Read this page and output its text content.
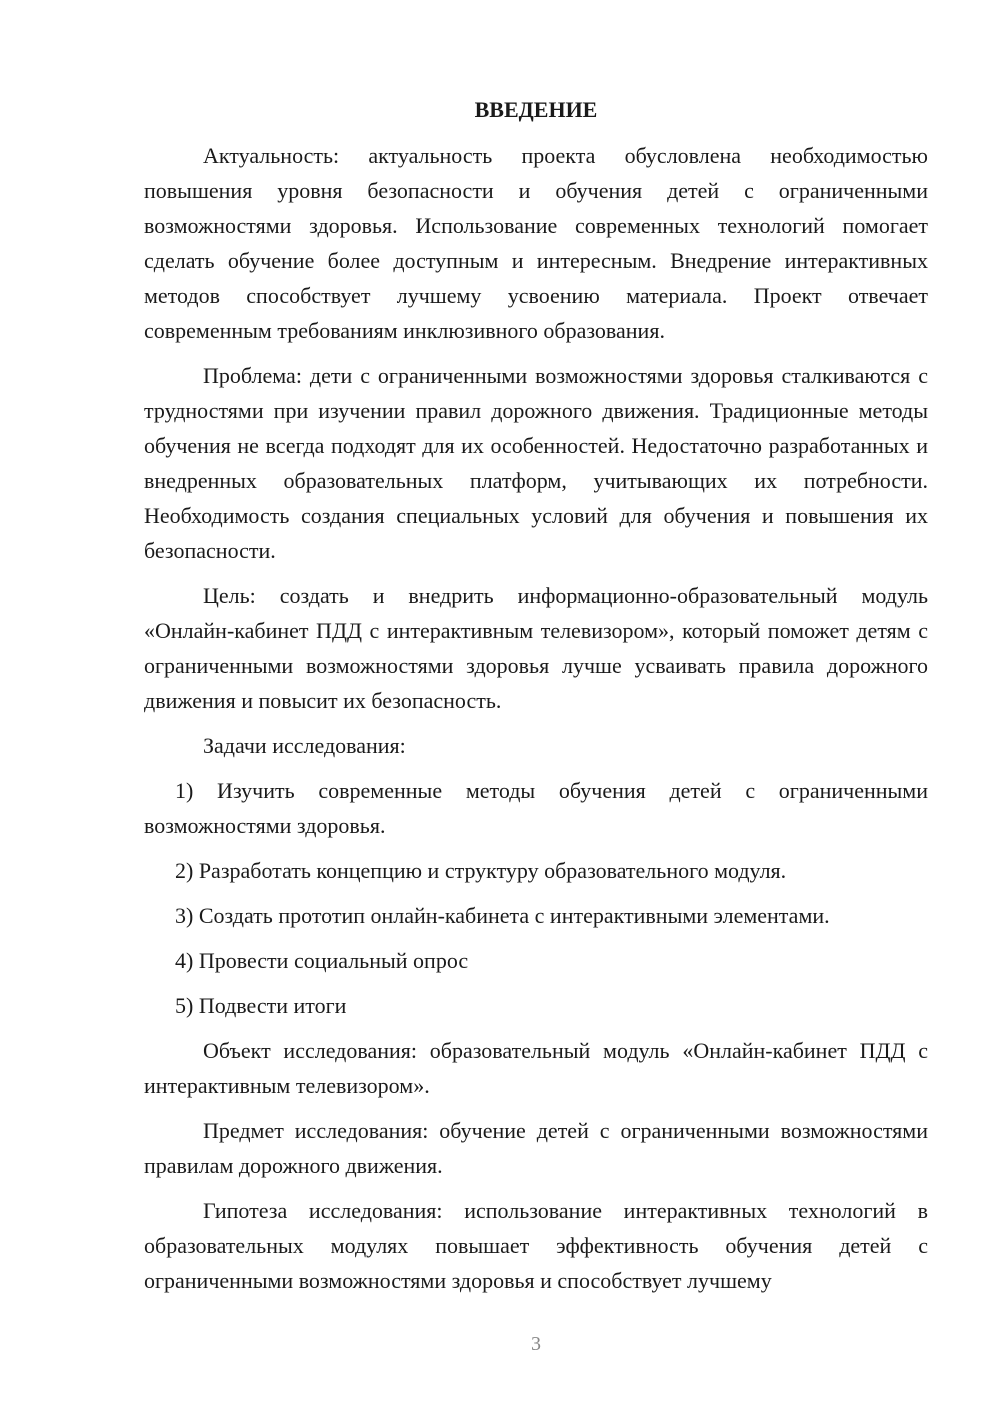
ВВЕДЕНИЕ

Актуальность: актуальность проекта обусловлена необходимостью повышения уровня безопасности и обучения детей с ограниченными возможностями здоровья. Использование современных технологий помогает сделать обучение более доступным и интересным. Внедрение интерактивных методов способствует лучшему усвоению материала. Проект отвечает современным требованиям инклюзивного образования.

Проблема: дети с ограниченными возможностями здоровья сталкиваются с трудностями при изучении правил дорожного движения. Традиционные методы обучения не всегда подходят для их особенностей. Недостаточно разработанных и внедренных образовательных платформ, учитывающих их потребности. Необходимость создания специальных условий для обучения и повышения их безопасности.

Цель: создать и внедрить информационно-образовательный модуль «Онлайн-кабинет ПДД с интерактивным телевизором», который поможет детям с ограниченными возможностями здоровья лучше усваивать правила дорожного движения и повысит их безопасность.

Задачи исследования:

1) Изучить современные методы обучения детей с ограниченными возможностями здоровья.

2) Разработать концепцию и структуру образовательного модуля.

3) Создать прототип онлайн-кабинета с интерактивными элементами.

4) Провести социальный опрос

5) Подвести итоги

Объект исследования: образовательный модуль «Онлайн-кабинет ПДД с интерактивным телевизором».

Предмет исследования: обучение детей с ограниченными возможностями правилам дорожного движения.

Гипотеза исследования: использование интерактивных технологий в образовательных модулях повышает эффективность обучения детей с ограниченными возможностями здоровья и способствует лучшему

3
